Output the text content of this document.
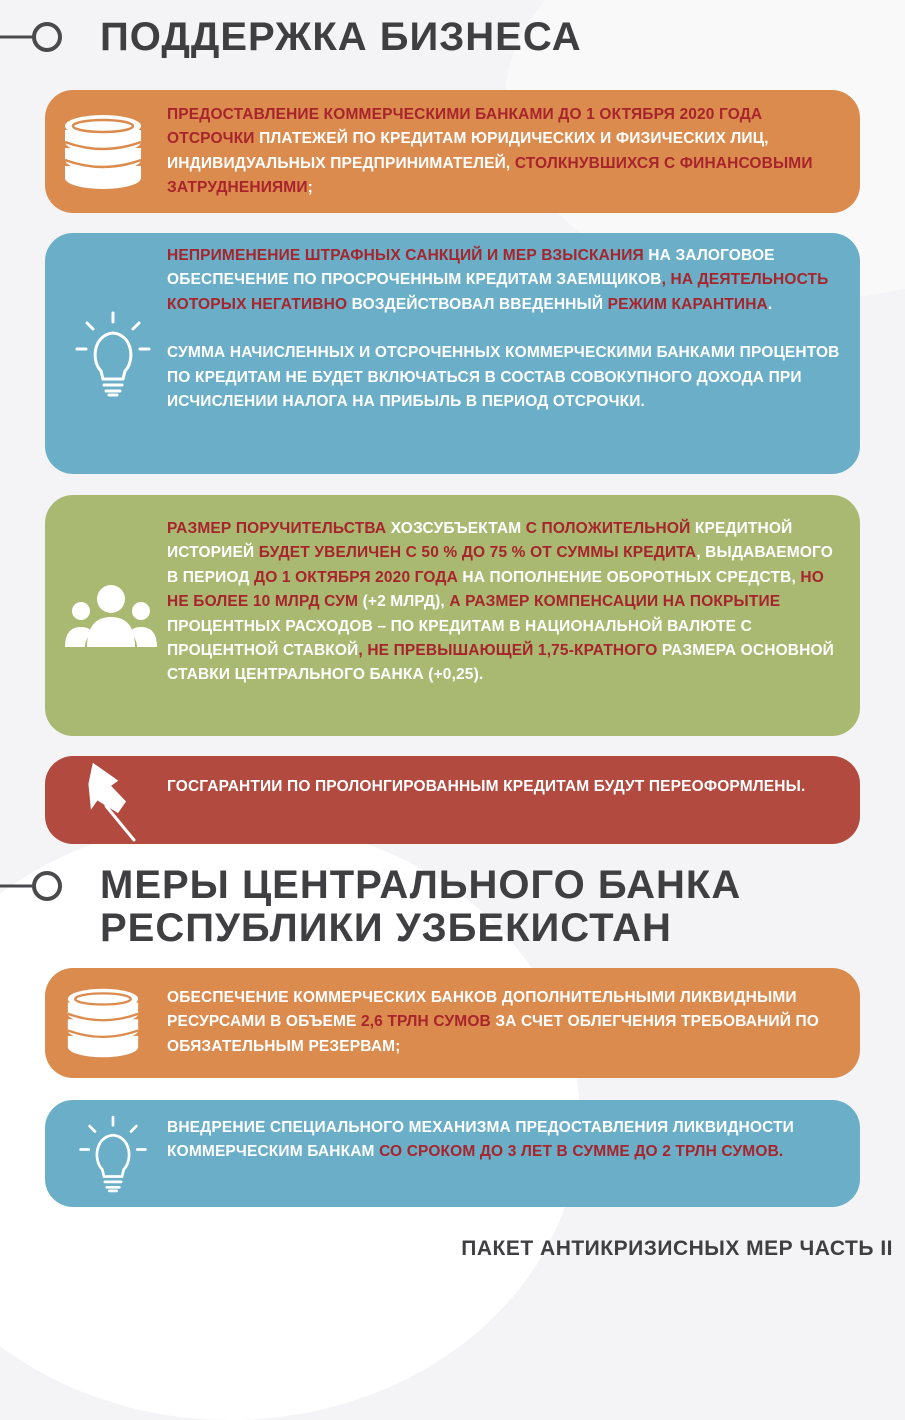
ПОДДЕРЖКА БИЗНЕСА

ПРЕДОСТАВЛЕНИЕ КОММЕРЧЕСКИМИ БАНКАМИ ДО 1 ОКТЯБРЯ 2020 ГОДА ОТСРОЧКИ ПЛАТЕЖЕЙ ПО КРЕДИТАМ ЮРИДИЧЕСКИХ И ФИЗИЧЕСКИХ ЛИЦ, ИНДИВИДУАЛЬНЫХ ПРЕДПРИНИМАТЕЛЕЙ, СТОЛКНУВШИХСЯ С ФИНАНСОВЫМИ ЗАТРУДНЕНИЯМИ;

НЕПРИМЕНЕНИЕ ШТРАФНЫХ САНКЦИЙ И МЕР ВЗЫСКАНИЯ НА ЗАЛОГОВОЕ ОБЕСПЕЧЕНИЕ ПО ПРОСРОЧЕННЫМ КРЕДИТАМ ЗАЕМЩИКОВ, НА ДЕЯТЕЛЬНОСТЬ КОТОРЫХ НЕГАТИВНО ВОЗДЕЙСТВОВАЛ ВВЕДЕННЫЙ РЕЖИМ КАРАНТИНА.

СУММА НАЧИСЛЕННЫХ И ОТСРОЧЕННЫХ КОММЕРЧЕСКИМИ БАНКАМИ ПРОЦЕНТОВ ПО КРЕДИТАМ НЕ БУДЕТ ВКЛЮЧАТЬСЯ В СОСТАВ СОВОКУПНОГО ДОХОДА ПРИ ИСЧИСЛЕНИИ НАЛОГА НА ПРИБЫЛЬ В ПЕРИОД ОТСРОЧКИ.

РАЗМЕР ПОРУЧИТЕЛЬСТВА ХОЗСУБЪЕКТАМ С ПОЛОЖИТЕЛЬНОЙ КРЕДИТНОЙ ИСТОРИЕЙ БУДЕТ УВЕЛИЧЕН С 50 % ДО 75 % ОТ СУММЫ КРЕДИТА, ВЫДАВАЕМОГО В ПЕРИОД ДО 1 ОКТЯБРЯ 2020 ГОДА НА ПОПОЛНЕНИЕ ОБОРОТНЫХ СРЕДСТВ, НО НЕ БОЛЕЕ 10 МЛРД СУМ (+2 МЛРД), А РАЗМЕР КОМПЕНСАЦИИ НА ПОКРЫТИЕ ПРОЦЕНТНЫХ РАСХОДОВ – ПО КРЕДИТАМ В НАЦИОНАЛЬНОЙ ВАЛЮТЕ С ПРОЦЕНТНОЙ СТАВКОЙ, НЕ ПРЕВЫШАЮЩЕЙ 1,75-КРАТНОГО РАЗМЕРА ОСНОВНОЙ СТАВКИ ЦЕНТРАЛЬНОГО БАНКА (+0,25).

ГОСГАРАНТИИ ПО ПРОЛОНГИРОВАННЫМ КРЕДИТАМ БУДУТ ПЕРЕОФОРМЛЕНЫ.
МЕРЫ ЦЕНТРАЛЬНОГО БАНКА
РЕСПУБЛИКИ УЗБЕКИСТАН

ОБЕСПЕЧЕНИЕ КОММЕРЧЕСКИХ БАНКОВ ДОПОЛНИТЕЛЬНЫМИ ЛИКВИДНЫМИ РЕСУРСАМИ В ОБЪЕМЕ 2,6 ТРЛН СУМОВ ЗА СЧЕТ ОБЛЕГЧЕНИЯ ТРЕБОВАНИЙ ПО ОБЯЗАТЕЛЬНЫМ РЕЗЕРВАМ;

ВНЕДРЕНИЕ СПЕЦИАЛЬНОГО МЕХАНИЗМА ПРЕДОСТАВЛЕНИЯ ЛИКВИДНОСТИ КОММЕРЧЕСКИМ БАНКАМ СО СРОКОМ ДО 3 ЛЕТ В СУММЕ ДО 2 ТРЛН СУМОВ.

ПАКЕТ АНТИКРИЗИСНЫХ МЕР ЧАСТЬ II
